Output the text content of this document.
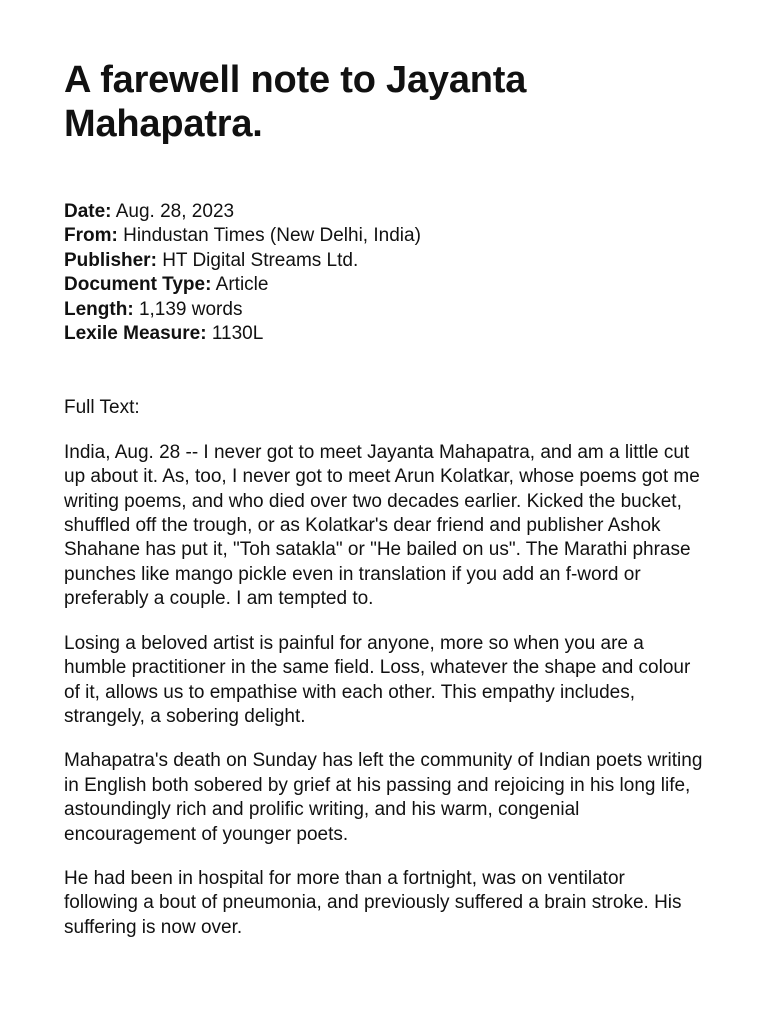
A farewell note to Jayanta Mahapatra.
Date: Aug. 28, 2023
From: Hindustan Times (New Delhi, India)
Publisher: HT Digital Streams Ltd.
Document Type: Article
Length: 1,139 words
Lexile Measure: 1130L
Full Text:

India, Aug. 28 -- I never got to meet Jayanta Mahapatra, and am a little cut up about it. As, too, I never got to meet Arun Kolatkar, whose poems got me writing poems, and who died over two decades earlier. Kicked the bucket, shuffled off the trough, or as Kolatkar's dear friend and publisher Ashok Shahane has put it, "Toh satakla" or "He bailed on us". The Marathi phrase punches like mango pickle even in translation if you add an f-word or preferably a couple. I am tempted to.

Losing a beloved artist is painful for anyone, more so when you are a humble practitioner in the same field. Loss, whatever the shape and colour of it, allows us to empathise with each other. This empathy includes, strangely, a sobering delight.

Mahapatra's death on Sunday has left the community of Indian poets writing in English both sobered by grief at his passing and rejoicing in his long life, astoundingly rich and prolific writing, and his warm, congenial encouragement of younger poets.

He had been in hospital for more than a fortnight, was on ventilator following a bout of pneumonia, and previously suffered a brain stroke. His suffering is now over.
